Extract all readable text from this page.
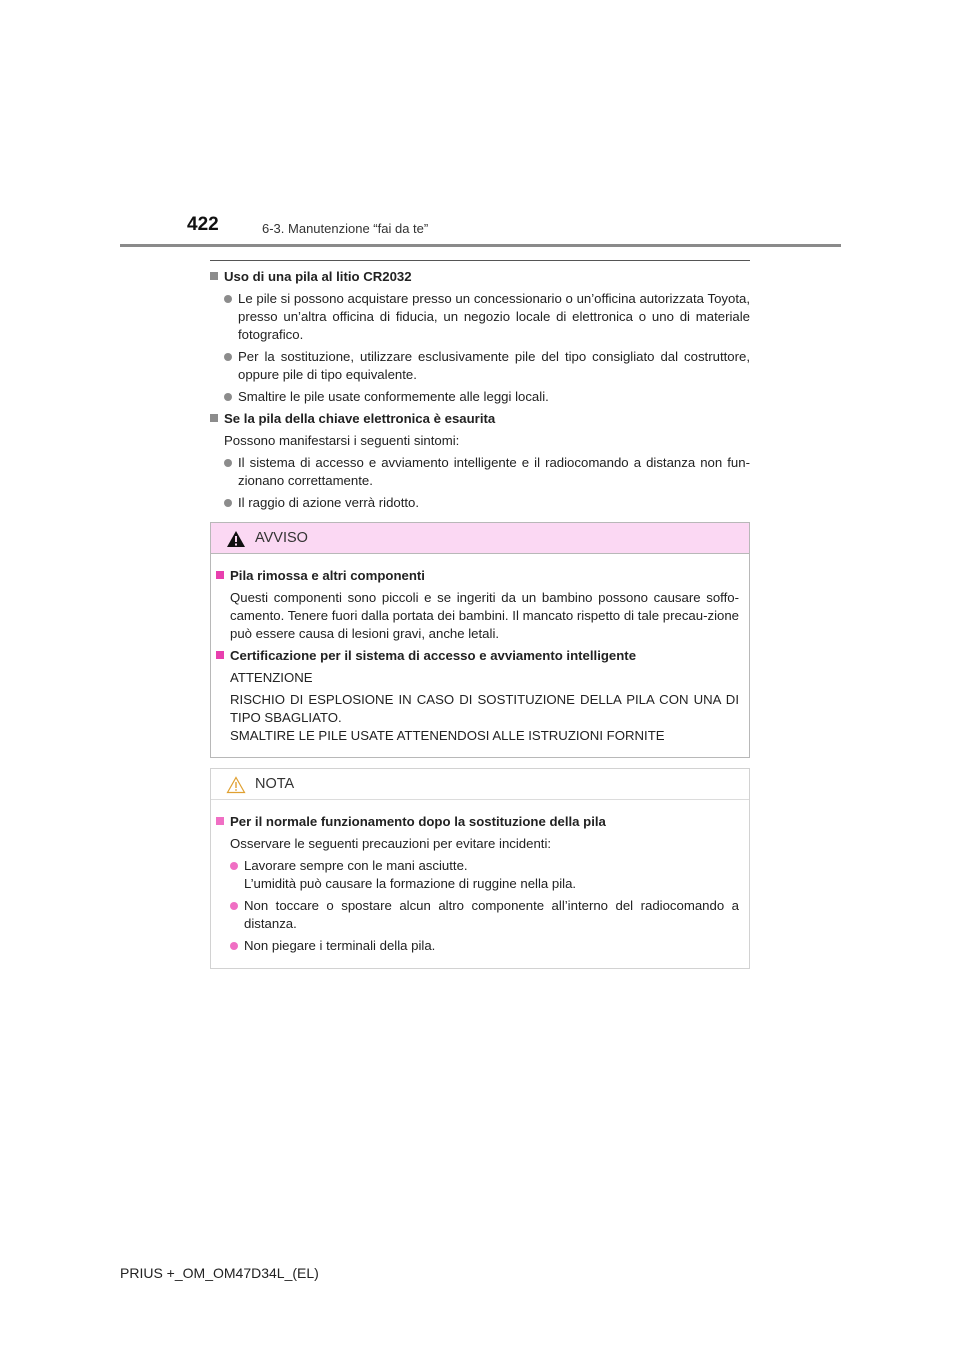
422	6-3. Manutenzione “fai da te”
Uso di una pila al litio CR2032
Le pile si possono acquistare presso un concessionario o un’officina autorizzata Toyota, presso un’altra officina di fiducia, un negozio locale di elettronica o uno di materiale fotografico.
Per la sostituzione, utilizzare esclusivamente pile del tipo consigliato dal costruttore, oppure pile di tipo equivalente.
Smaltire le pile usate conformemente alle leggi locali.
Se la pila della chiave elettronica è esaurita
Possono manifestarsi i seguenti sintomi:
Il sistema di accesso e avviamento intelligente e il radiocomando a distanza non fun-zionano correttamente.
Il raggio di azione verrà ridotto.
AVVISO
Pila rimossa e altri componenti
Questi componenti sono piccoli e se ingeriti da un bambino possono causare soffo-camento. Tenere fuori dalla portata dei bambini. Il mancato rispetto di tale precau-zione può essere causa di lesioni gravi, anche letali.
Certificazione per il sistema di accesso e avviamento intelligente
ATTENZIONE
RISCHIO DI ESPLOSIONE IN CASO DI SOSTITUZIONE DELLA PILA CON UNA DI TIPO SBAGLIATO.
SMALTIRE LE PILE USATE ATTENENDOSI ALLE ISTRUZIONI FORNITE
NOTA
Per il normale funzionamento dopo la sostituzione della pila
Osservare le seguenti precauzioni per evitare incidenti:
Lavorare sempre con le mani asciutte.
L’umidità può causare la formazione di ruggine nella pila.
Non toccare o spostare alcun altro componente all’interno del radiocomando a distanza.
Non piegare i terminali della pila.
PRIUS +_OM_OM47D34L_(EL)
